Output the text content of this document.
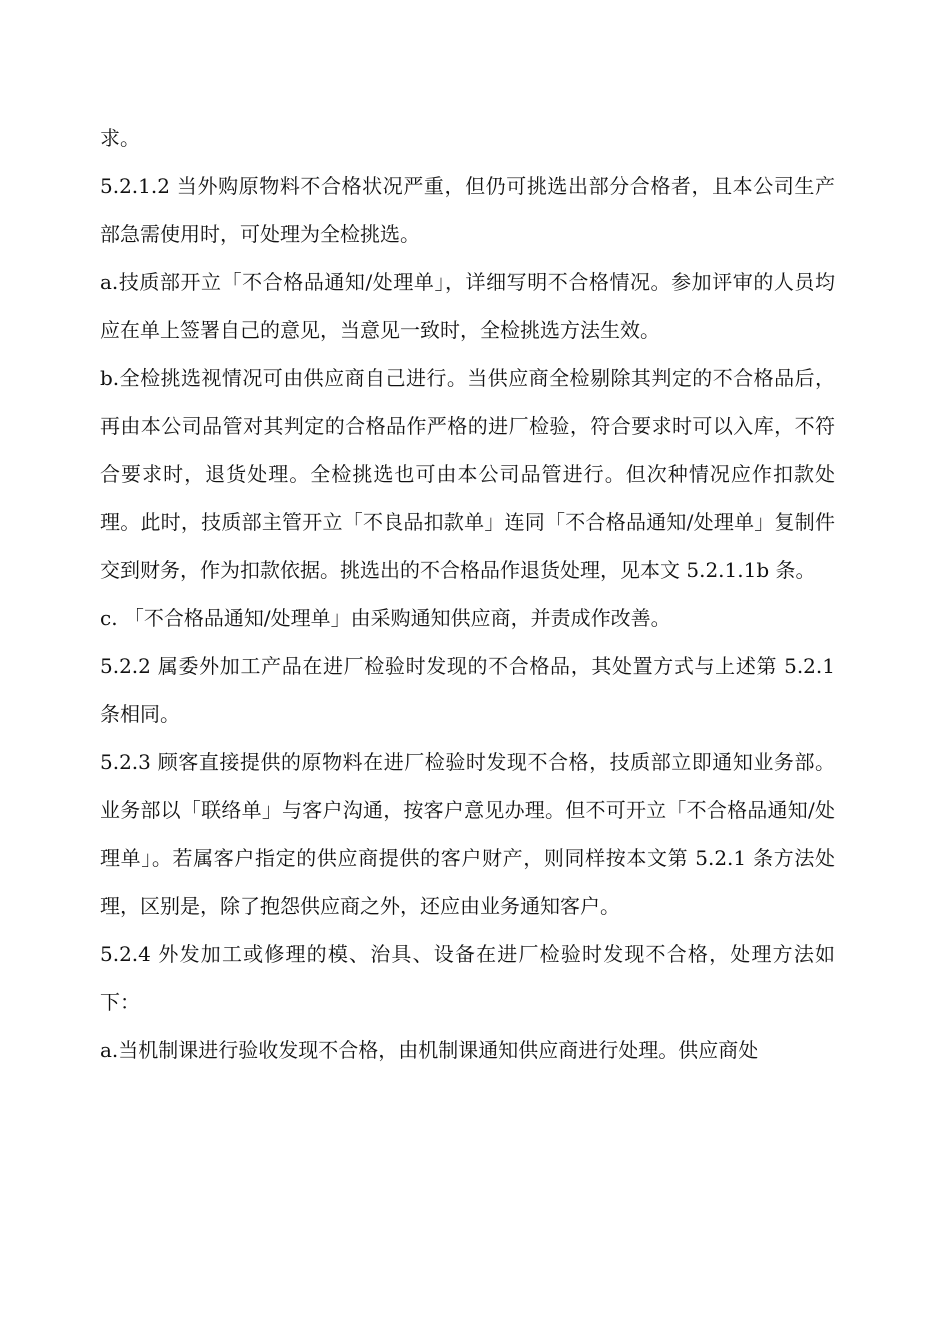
求。

5.2.1.2 当外购原物料不合格状况严重，但仍可挑选出部分合格者，且本公司生产部急需使用时，可处理为全检挑选。

a.技质部开立「不合格品通知/处理单」，详细写明不合格情况。参加评审的人员均应在单上签署自己的意见，当意见一致时，全检挑选方法生效。

b.全检挑选视情况可由供应商自己进行。当供应商全检剔除其判定的不合格品后，再由本公司品管对其判定的合格品作严格的进厂检验，符合要求时可以入库，不符合要求时，退货处理。全检挑选也可由本公司品管进行。但次种情况应作扣款处理。此时，技质部主管开立「不良品扣款单」连同「不合格品通知/处理单」复制件交到财务，作为扣款依据。挑选出的不合格品作退货处理，见本文 5.2.1.1b 条。

c. 「不合格品通知/处理单」由采购通知供应商，并责成作改善。

5.2.2 属委外加工产品在进厂检验时发现的不合格品，其处置方式与上述第 5.2.1 条相同。

5.2.3 顾客直接提供的原物料在进厂检验时发现不合格，技质部立即通知业务部。业务部以「联络单」与客户沟通，按客户意见办理。但不可开立「不合格品通知/处理单」。若属客户指定的供应商提供的客户财产，则同样按本文第 5.2.1 条方法处理，区别是，除了抱怨供应商之外，还应由业务通知客户。

5.2.4 外发加工或修理的模、治具、设备在进厂检验时发现不合格，处理方法如下：

a.当机制课进行验收发现不合格，由机制课通知供应商进行处理。供应商处
